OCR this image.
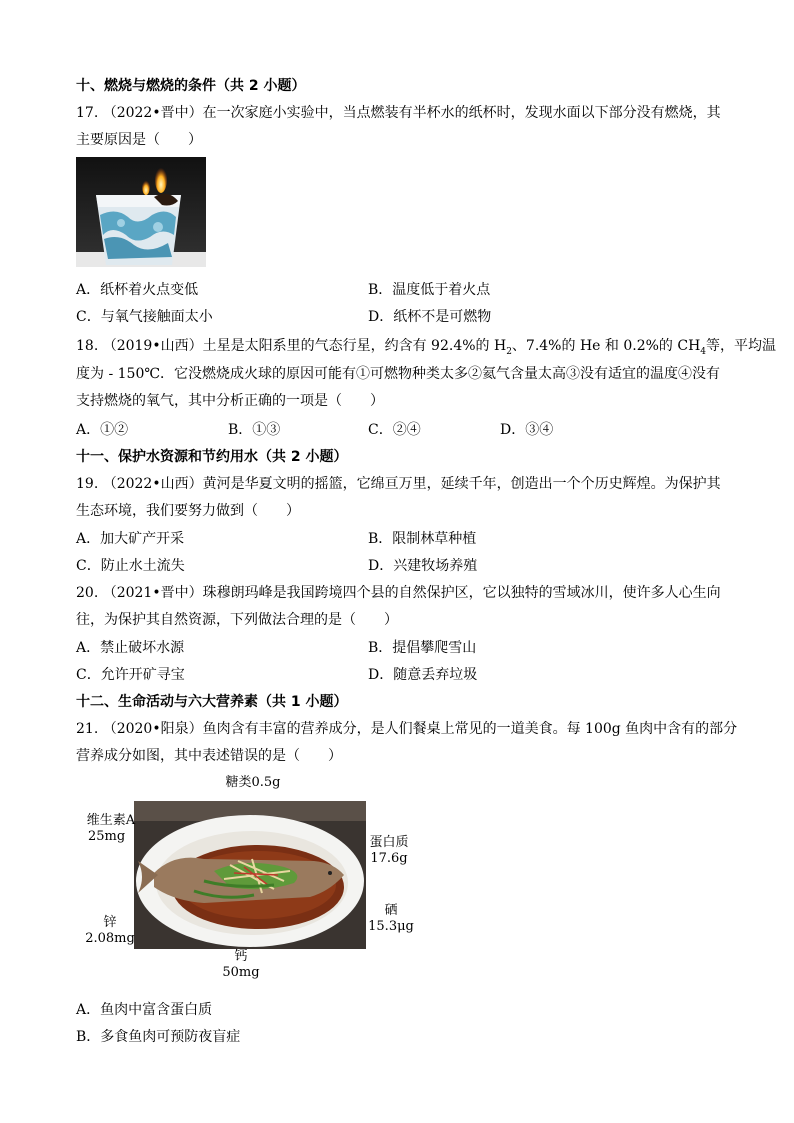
十、燃烧与燃烧的条件（共 2 小题）
17. （2022•晋中）在一次家庭小实验中，当点燃装有半杯水的纸杯时，发现水面以下部分没有燃烧，其
主要原因是（　　）
A．纸杯着火点变低	B．温度低于着火点
C．与氧气接触面太小	D．纸杯不是可燃物
18. （2019•山西）土星是太阳系里的气态行星，约含有 92.4%的 $H_2$、7.4%的 He 和 0.2%的 $CH_4$等，平均温
度为 - 150℃．它没燃烧成火球的原因可能有①可燃物种类太多②氦气含量太高③没有适宜的温度④没有
支持燃烧的氧气，其中分析正确的一项是（　　）
A．①②	B．①③	C．②④	D．③④
十一、保护水资源和节约用水（共 2 小题）
19. （2022•山西）黄河是华夏文明的摇篮，它绵亘万里，延续千年，创造出一个个历史辉煌。为保护其
生态环境，我们要努力做到（　　）
A．加大矿产开采	B．限制林草种植
C．防止水土流失	D．兴建牧场养殖
20. （2021•晋中）珠穆朗玛峰是我国跨境四个县的自然保护区，它以独特的雪域冰川，使许多人心生向
往，为保护其自然资源，下列做法合理的是（　　）
A．禁止破坏水源	B．提倡攀爬雪山
C．允许开矿寻宝	D．随意丢弃垃圾
十二、生命活动与六大营养素（共 1 小题）
21. （2020•阳泉）鱼肉含有丰富的营养成分，是人们餐桌上常见的一道美食。每 100g 鱼肉中含有的部分
营养成分如图，其中表述错误的是（　　）
糖类0.5g
维生素A
25mg	蛋白质
17.6g
锌
2.08mg
硒
15.3μg
钙
50mg
A．鱼肉中富含蛋白质
B．多食鱼肉可预防夜盲症
